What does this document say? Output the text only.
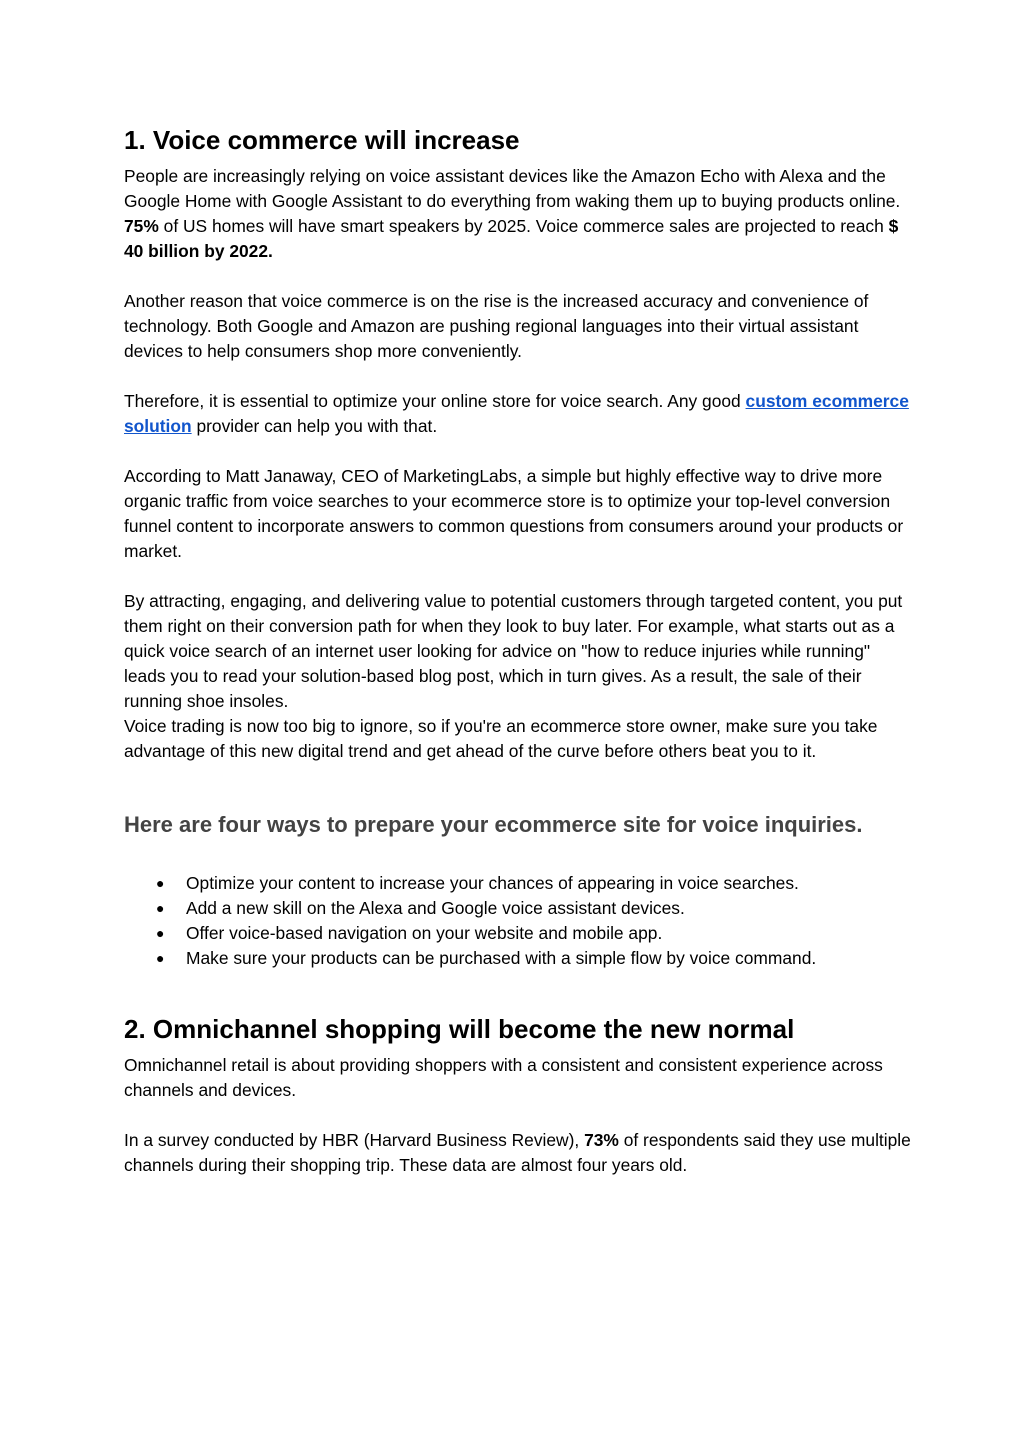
1. Voice commerce will increase

People are increasingly relying on voice assistant devices like the Amazon Echo with Alexa and the Google Home with Google Assistant to do everything from waking them up to buying products online. 75% of US homes will have smart speakers by 2025. Voice commerce sales are projected to reach $ 40 billion by 2022.

Another reason that voice commerce is on the rise is the increased accuracy and convenience of technology. Both Google and Amazon are pushing regional languages into their virtual assistant devices to help consumers shop more conveniently.

Therefore, it is essential to optimize your online store for voice search. Any good custom ecommerce solution provider can help you with that.

According to Matt Janaway, CEO of MarketingLabs, a simple but highly effective way to drive more organic traffic from voice searches to your ecommerce store is to optimize your top-level conversion funnel content to incorporate answers to common questions from consumers around your products or market.

By attracting, engaging, and delivering value to potential customers through targeted content, you put them right on their conversion path for when they look to buy later. For example, what starts out as a quick voice search of an internet user looking for advice on "how to reduce injuries while running" leads you to read your solution-based blog post, which in turn gives. As a result, the sale of their running shoe insoles.

Voice trading is now too big to ignore, so if you're an ecommerce store owner, make sure you take advantage of this new digital trend and get ahead of the curve before others beat you to it.

Here are four ways to prepare your ecommerce site for voice inquiries.
● Optimize your content to increase your chances of appearing in voice searches.
● Add a new skill on the Alexa and Google voice assistant devices.
● Offer voice-based navigation on your website and mobile app.
● Make sure your products can be purchased with a simple flow by voice command.
2. Omnichannel shopping will become the new normal

Omnichannel retail is about providing shoppers with a consistent and consistent experience across channels and devices.

In a survey conducted by HBR (Harvard Business Review), 73% of respondents said they use multiple channels during their shopping trip. These data are almost four years old.
